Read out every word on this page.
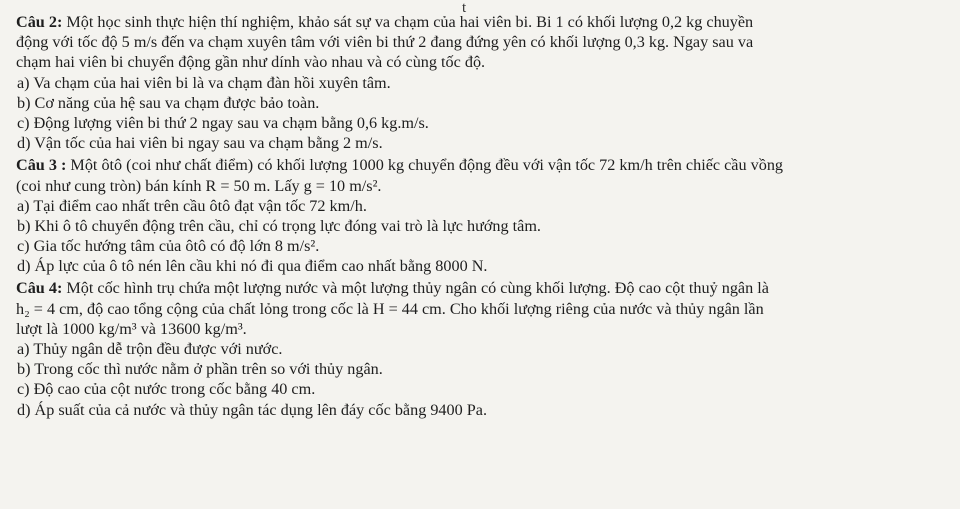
t
Câu 2: Một học sinh thực hiện thí nghiệm, khảo sát sự va chạm của hai viên bi. Bi 1 có khối lượng 0,2 kg chuyền
động với tốc độ 5 m/s đến va chạm xuyên tâm với viên bi thứ 2 đang đứng yên có khối lượng 0,3 kg. Ngay sau va
chạm hai viên bi chuyển động gần như dính vào nhau và có cùng tốc độ.
a) Va chạm của hai viên bi là va chạm đàn hồi xuyên tâm.
b) Cơ năng của hệ sau va chạm được bảo toàn.
c) Động lượng viên bi thứ 2 ngay sau va chạm bằng 0,6 kg.m/s.
d) Vận tốc của hai viên bi ngay sau va chạm bằng 2 m/s.
Câu 3 : Một ôtô (coi như chất điểm) có khối lượng 1000 kg chuyển động đều với vận tốc 72 km/h trên chiếc cầu vồng
(coi như cung tròn) bán kính R = 50 m. Lấy g = 10 m/s².
a) Tại điểm cao nhất trên cầu ôtô đạt vận tốc 72 km/h.
b) Khi ô tô chuyển động trên cầu, chỉ có trọng lực đóng vai trò là lực hướng tâm.
c) Gia tốc hướng tâm của ôtô có độ lớn 8 m/s².
d) Áp lực của ô tô nén lên cầu khi nó đi qua điểm cao nhất bằng 8000 N.
Câu 4: Một cốc hình trụ chứa một lượng nước và một lượng thủy ngân có cùng khối lượng. Độ cao cột thuỷ ngân là
h₂ = 4 cm, độ cao tổng cộng của chất lỏng trong cốc là H = 44 cm. Cho khối lượng riêng của nước và thủy ngân lần
lượt là 1000 kg/m³ và 13600 kg/m³.
a) Thủy ngân dễ trộn đều được với nước.
b) Trong cốc thì nước nằm ở phần trên so với thủy ngân.
c) Độ cao của cột nước trong cốc bằng 40 cm.
d) Áp suất của cả nước và thủy ngân tác dụng lên đáy cốc bằng 9400 Pa.
